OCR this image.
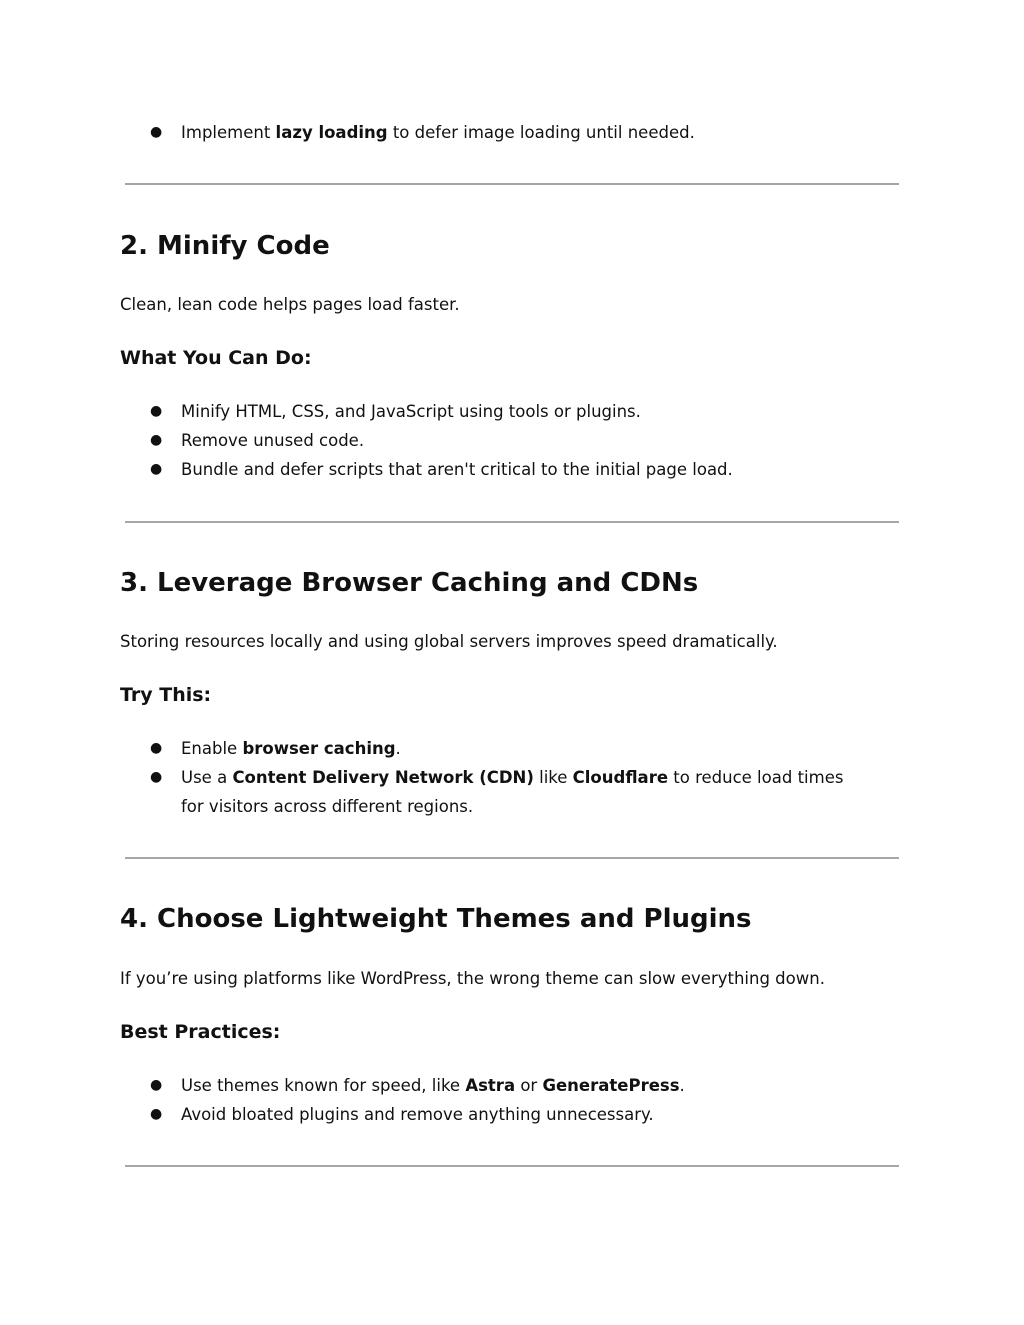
● Implement lazy loading to defer image loading until needed.
2. Minify Code

Clean, lean code helps pages load faster.

What You Can Do:
● Minify HTML, CSS, and JavaScript using tools or plugins.
● Remove unused code.
● Bundle and defer scripts that aren't critical to the initial page load.
3. Leverage Browser Caching and CDNs

Storing resources locally and using global servers improves speed dramatically.

Try This:
● Enable browser caching.
● Use a Content Delivery Network (CDN) like Cloudflare to reduce load times for visitors across different regions.
4. Choose Lightweight Themes and Plugins

If you’re using platforms like WordPress, the wrong theme can slow everything down.

Best Practices:
● Use themes known for speed, like Astra or GeneratePress.
● Avoid bloated plugins and remove anything unnecessary.
